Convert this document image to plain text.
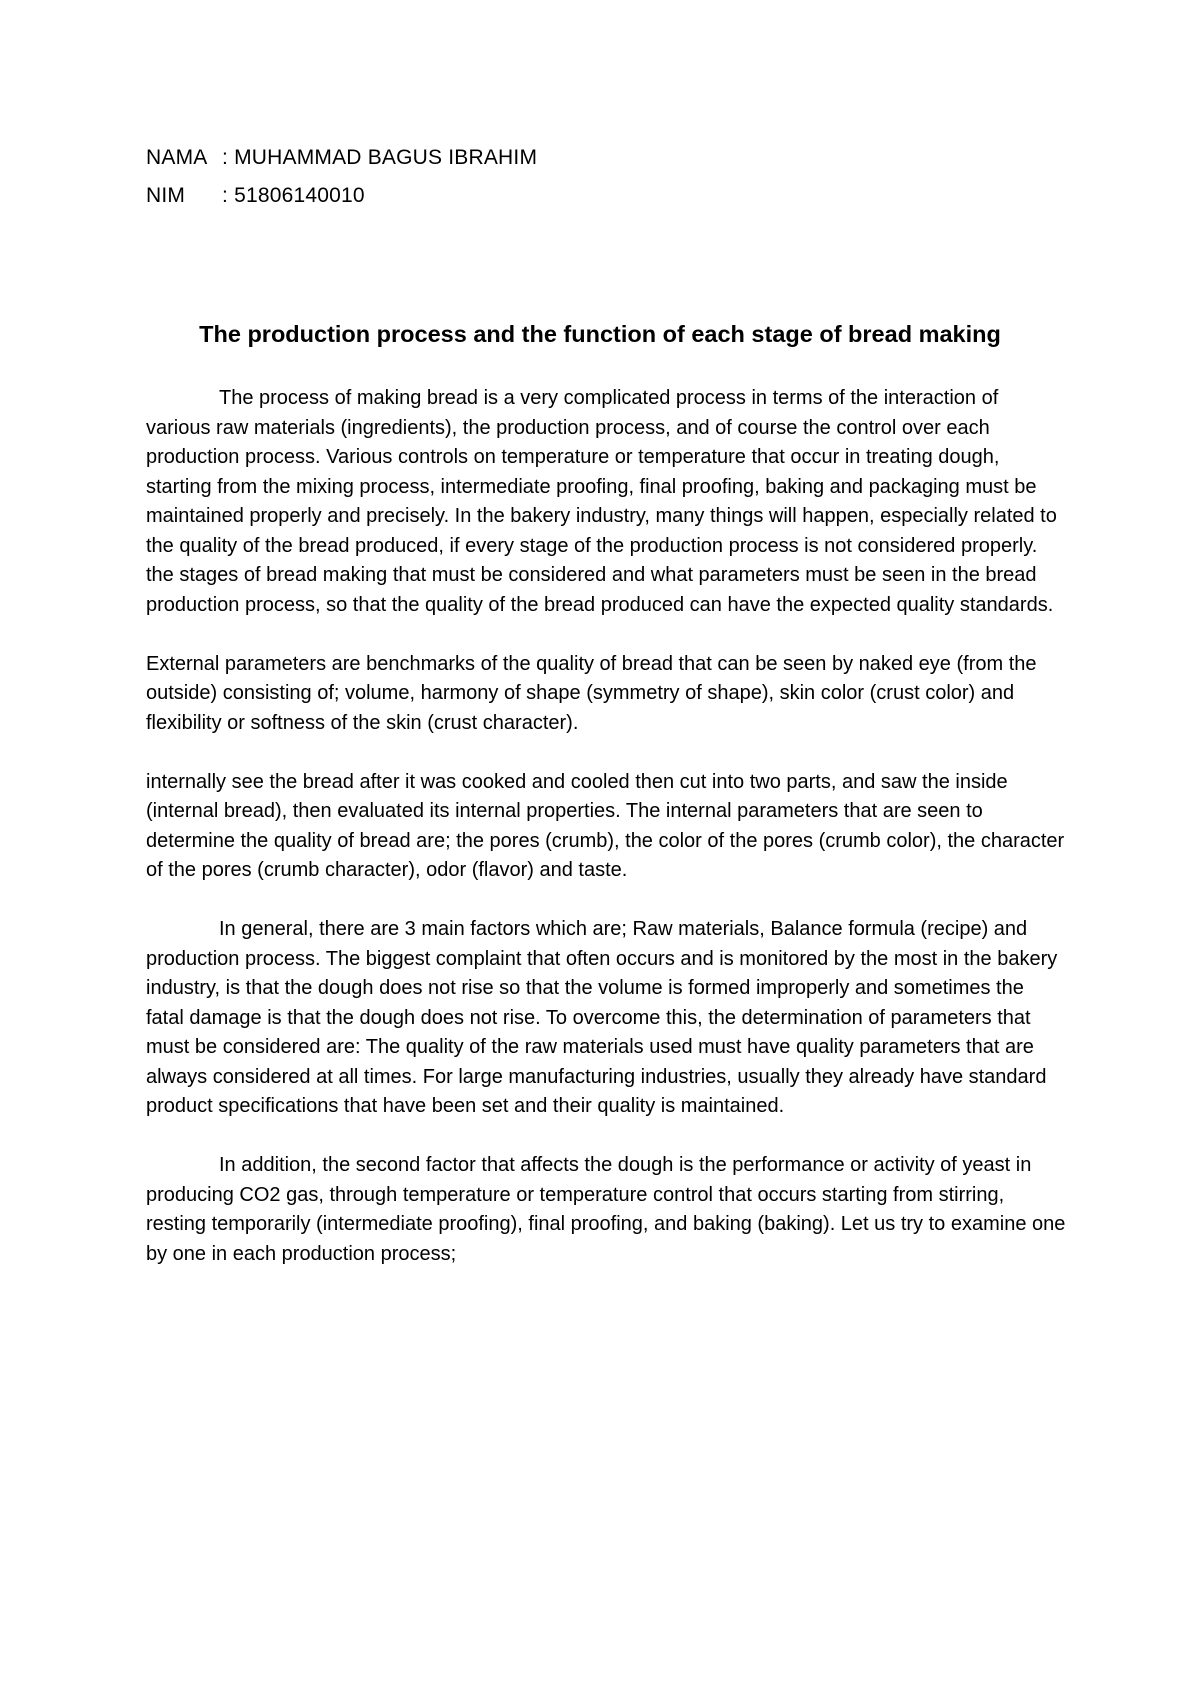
NAMA : MUHAMMAD BAGUS IBRAHIM
NIM : 51806140010
The production process and the function of each stage of bread making

The process of making bread is a very complicated process in terms of the interaction of various raw materials (ingredients), the production process, and of course the control over each production process. Various controls on temperature or temperature that occur in treating dough, starting from the mixing process, intermediate proofing, final proofing, baking and packaging must be maintained properly and precisely. In the bakery industry, many things will happen, especially related to the quality of the bread produced, if every stage of the production process is not considered properly. the stages of bread making that must be considered and what parameters must be seen in the bread production process, so that the quality of the bread produced can have the expected quality standards.

External parameters are benchmarks of the quality of bread that can be seen by naked eye (from the outside) consisting of; volume, harmony of shape (symmetry of shape), skin color (crust color) and flexibility or softness of the skin (crust character).

internally see the bread after it was cooked and cooled then cut into two parts, and saw the inside (internal bread), then evaluated its internal properties. The internal parameters that are seen to determine the quality of bread are; the pores (crumb), the color of the pores (crumb color), the character of the pores (crumb character), odor (flavor) and taste.

In general, there are 3 main factors which are; Raw materials, Balance formula (recipe) and production process. The biggest complaint that often occurs and is monitored by the most in the bakery industry, is that the dough does not rise so that the volume is formed improperly and sometimes the fatal damage is that the dough does not rise. To overcome this, the determination of parameters that must be considered are: The quality of the raw materials used must have quality parameters that are always considered at all times. For large manufacturing industries, usually they already have standard product specifications that have been set and their quality is maintained.

In addition, the second factor that affects the dough is the performance or activity of yeast in producing CO2 gas, through temperature or temperature control that occurs starting from stirring, resting temporarily (intermediate proofing), final proofing, and baking (baking). Let us try to examine one by one in each production process;
